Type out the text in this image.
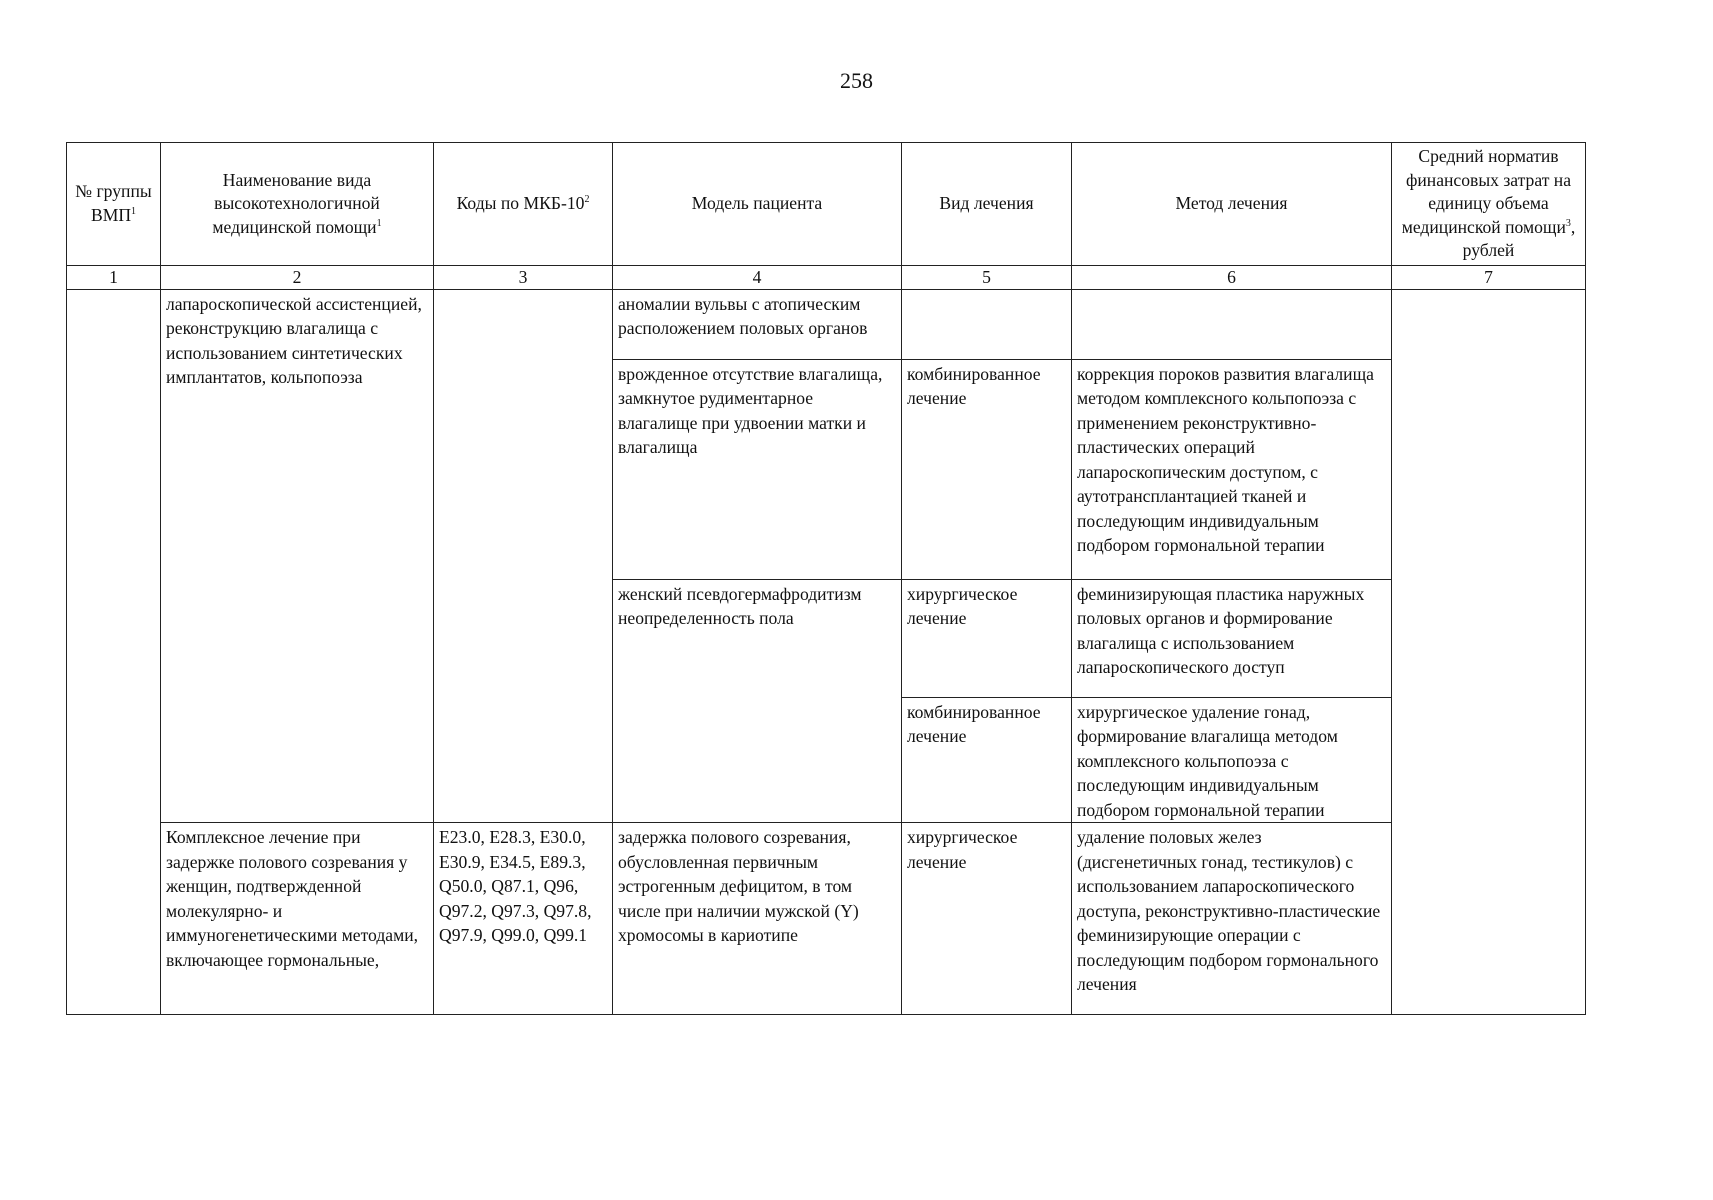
258
№ группы ВМП$^1$	Наименование вида высокотехнологичной медицинской помощи$^1$	Коды по МКБ-$10^2$	Модель пациента	Вид лечения	Метод лечения	Средний норматив финансовых затрат на единицу объема медицинской помощи$^3$, рублей
1	2	3	4	5	6	7
	лапароскопической ассистенцией, реконструкцию влагалища с использованием синтетических имплантатов, кольпопоэза		аномалии вульвы с атопическим расположением половых органов			
			врожденное отсутствие влагалища, замкнутое рудиментарное влагалище при удвоении матки и влагалища	комбинированное лечение	коррекция пороков развития влагалища методом комплексного кольпопоэза с применением реконструктивно-пластических операций лапароскопическим доступом, с аутотрансплантацией тканей и последующим индивидуальным подбором гормональной терапии	
			женский псевдогермафродитизм неопределенность пола	хирургическое лечение	феминизирующая пластика наружных половых органов и формирование влагалища с использованием лапароскопического доступ	
				комбинированное лечение	хирургическое удаление гонад, формирование влагалища методом комплексного кольпопоэза с последующим индивидуальным подбором гормональной терапии	
	Комплексное лечение при задержке полового созревания у женщин, подтвержденной молекулярно- и иммуногенетическими методами, включающее гормональные,	E23.0, E28.3, E30.0, E30.9, E34.5, E89.3, Q50.0, Q87.1, Q96, Q97.2, Q97.3, Q97.8, Q97.9, Q99.0, Q99.1	задержка полового созревания, обусловленная первичным эстрогенным дефицитом, в том числе при наличии мужской (Y) хромосомы в кариотипе	хирургическое лечение	удаление половых желез (дисгенетичных гонад, тестикулов) с использованием лапароскопического доступа, реконструктивно-пластические феминизирующие операции с последующим подбором гормонального лечения	
